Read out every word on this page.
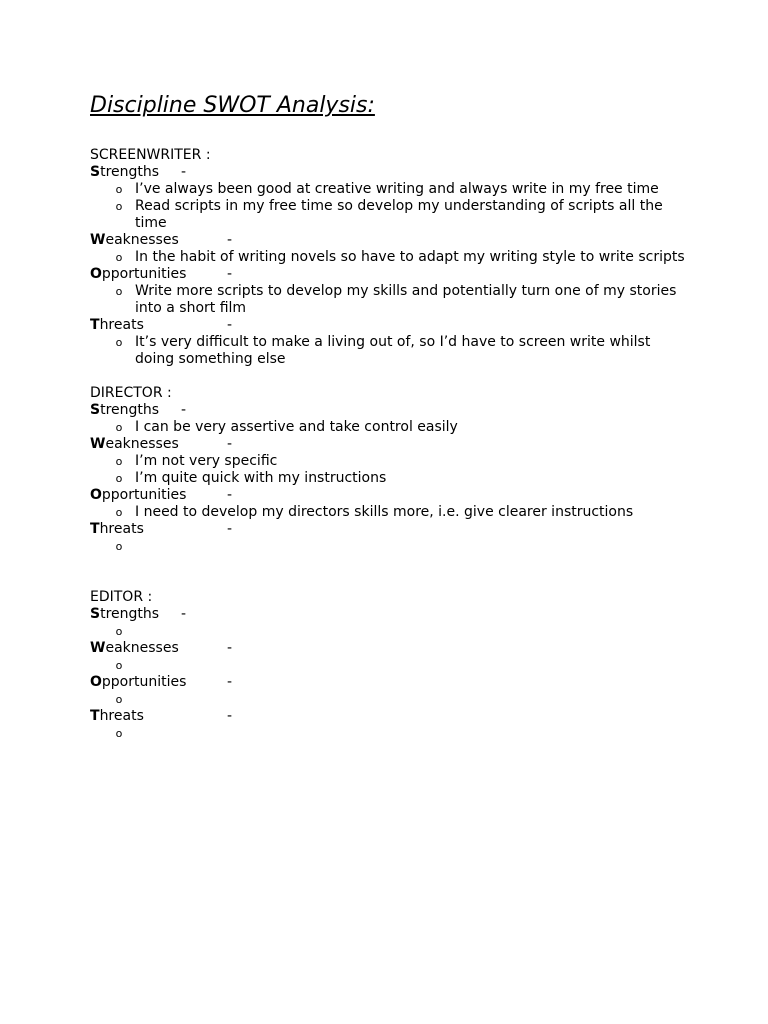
Discipline SWOT Analysis:
SCREENWRITER :
Strengths -
o I’ve always been good at creative writing and always write in my free time
o Read scripts in my free time so develop my understanding of scripts all the time
Weaknesses	-
o In the habit of writing novels so have to adapt my writing style to write scripts
Opportunities	-
o Write more scripts to develop my skills and potentially turn one of my stories into a short film
Threats	-
o It’s very difficult to make a living out of, so I’d have to screen write whilst doing something else
DIRECTOR :
Strengths -
o I can be very assertive and take control easily
Weaknesses	-
o I’m not very specific
o I’m quite quick with my instructions
Opportunities	-
o I need to develop my directors skills more, i.e. give clearer instructions
Threats	-
o
EDITOR :
Strengths -
o
Weaknesses	-
o
Opportunities	-
o
Threats	-
o
